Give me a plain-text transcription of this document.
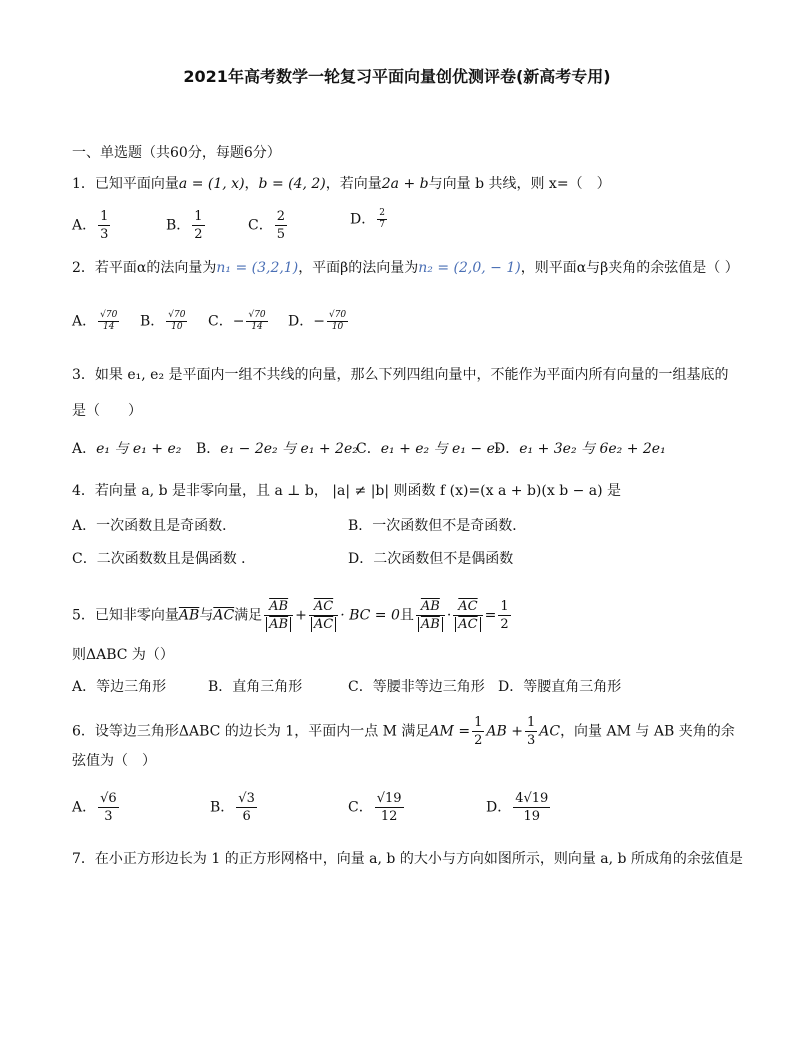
2021年高考数学一轮复习平面向量创优测评卷(新高考专用)
一、单选题（共60分，每题6分）
1．已知平面向量a = (1, x)，b = (4, 2)，若向量2a + b与向量 b 共线，则 x=（　）
A． $\frac{1}{3}$	B． $\frac{1}{2}$	C． $\frac{2}{5}$	D． $\frac{2}{7}$
2．若平面α的法向量为n₁ = (3,2,1)，平面β的法向量为n₂ = (2,0, − 1)，则平面α与β夹角的余弦值是（ ）
A． $\frac{√70}{14}$ B． $\frac{√70}{10}$ C．− $\frac{√70}{14}$ D．− $\frac{√70}{10}$
3．如果 e₁, e₂ 是平面内一组不共线的向量，那么下列四组向量中，不能作为平面内所有向量的一组基底的
是（　　）
A．e₁ 与 e₁ + e₂ B．e₁ − 2e₂ 与 e₁ + 2e₂
C．e₁ + e₂ 与 e₁ − e₂
D．e₁ + 3e₂ 与 6e₂ + 2e₁
4．若向量 a, b 是非零向量，且 a ⊥ b， |a| ≠ |b| 则函数 f (x)=(x a + b)(x b − a) 是
A．一次函数且是奇函数．	B．一次函数但不是奇函数．
C．二次函数数且是偶函数 ．	D．二次函数但不是偶函数
5．已知非零向量$\overline{AB}$与$\overline{AC}$满足 $\frac{\overline{AB}}{AB} + \frac{\overline{AC}}{AC}$ · BC = 0且 $\frac{\overline{AB}}{AB} \cdot \frac{\overline{AC}}{AC} = \frac{1}{2}$
则ΔABC 为（）
A．等边三角形	B．直角三角形	C．等腰非等边三角形 D．等腰直角三角形
6．设等边三角形ΔABC 的边长为 1，平面内一点 M 满足AM = $\frac{1}{2}$ AB + $\frac{1}{3}$ AC，向量 AM 与 AB 夹角的余
弦值为（　）
A． $\frac{√6}{3}$	B． $\frac{√3}{6}$	C． $\frac{√19}{12}$	D． $\frac{4√19}{19}$
7．在小正方形边长为 1 的正方形网格中，向量 a, b 的大小与方向如图所示，则向量 a, b 所成角的余弦值是
